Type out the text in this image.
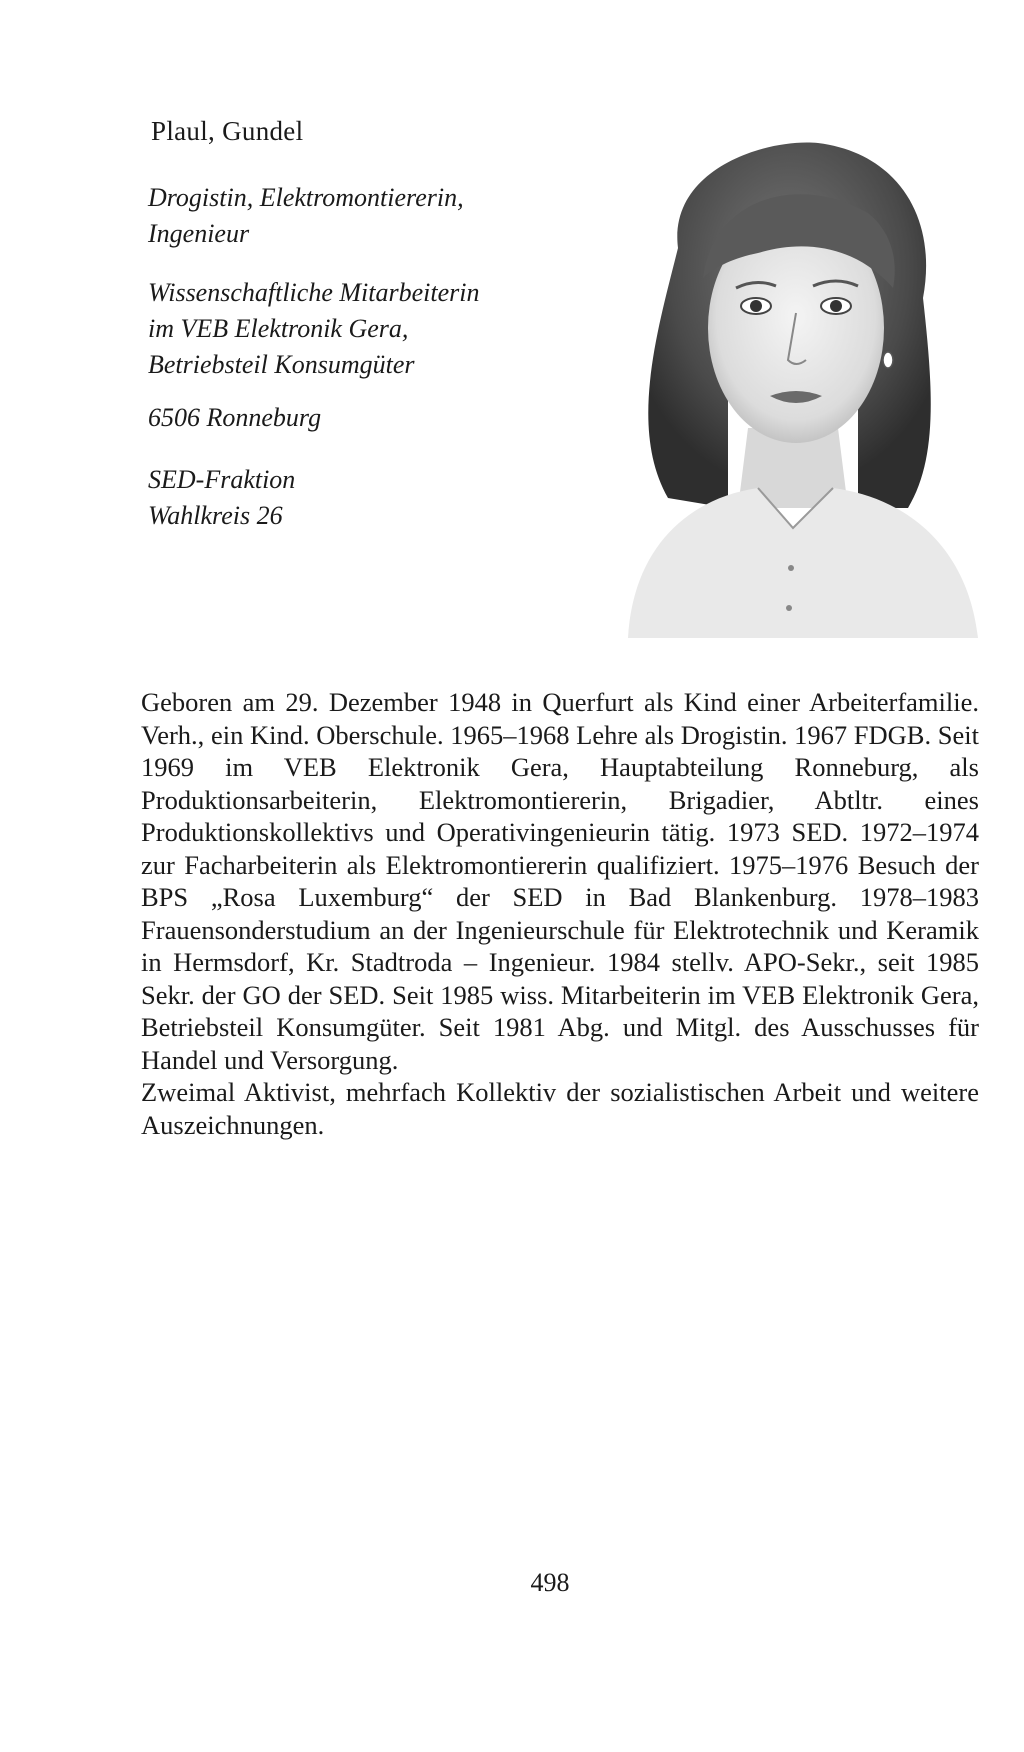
Plaul, Gundel
Drogistin, Elektromontiererin,
Ingenieur
Wissenschaftliche Mitarbeiterin
im VEB Elektronik Gera,
Betriebsteil Konsumgüter
6506 Ronneburg
SED-Fraktion
Wahlkreis 26

Geboren am 29. Dezember 1948 in Querfurt als Kind einer Arbeiterfamilie. Verh., ein Kind. Oberschule. 1965–1968 Lehre als Drogistin. 1967 FDGB. Seit 1969 im VEB Elektronik Gera, Hauptabteilung Ronneburg, als Produktionsarbeiterin, Elektromontiererin, Brigadier, Abtltr. eines Produktionskollektivs und Operativingenieurin tätig. 1973 SED. 1972–1974 zur Facharbeiterin als Elektromontiererin qualifiziert. 1975–1976 Besuch der BPS „Rosa Luxemburg“ der SED in Bad Blankenburg. 1978–1983 Frauensonderstudium an der Ingenieurschule für Elektrotechnik und Keramik in Hermsdorf, Kr. Stadtroda – Ingenieur. 1984 stellv. APO-Sekr., seit 1985 Sekr. der GO der SED. Seit 1985 wiss. Mitarbeiterin im VEB Elektronik Gera, Betriebsteil Konsumgüter. Seit 1981 Abg. und Mitgl. des Ausschusses für Handel und Versorgung.

Zweimal Aktivist, mehrfach Kollektiv der sozialistischen Arbeit und weitere Auszeichnungen.

498
